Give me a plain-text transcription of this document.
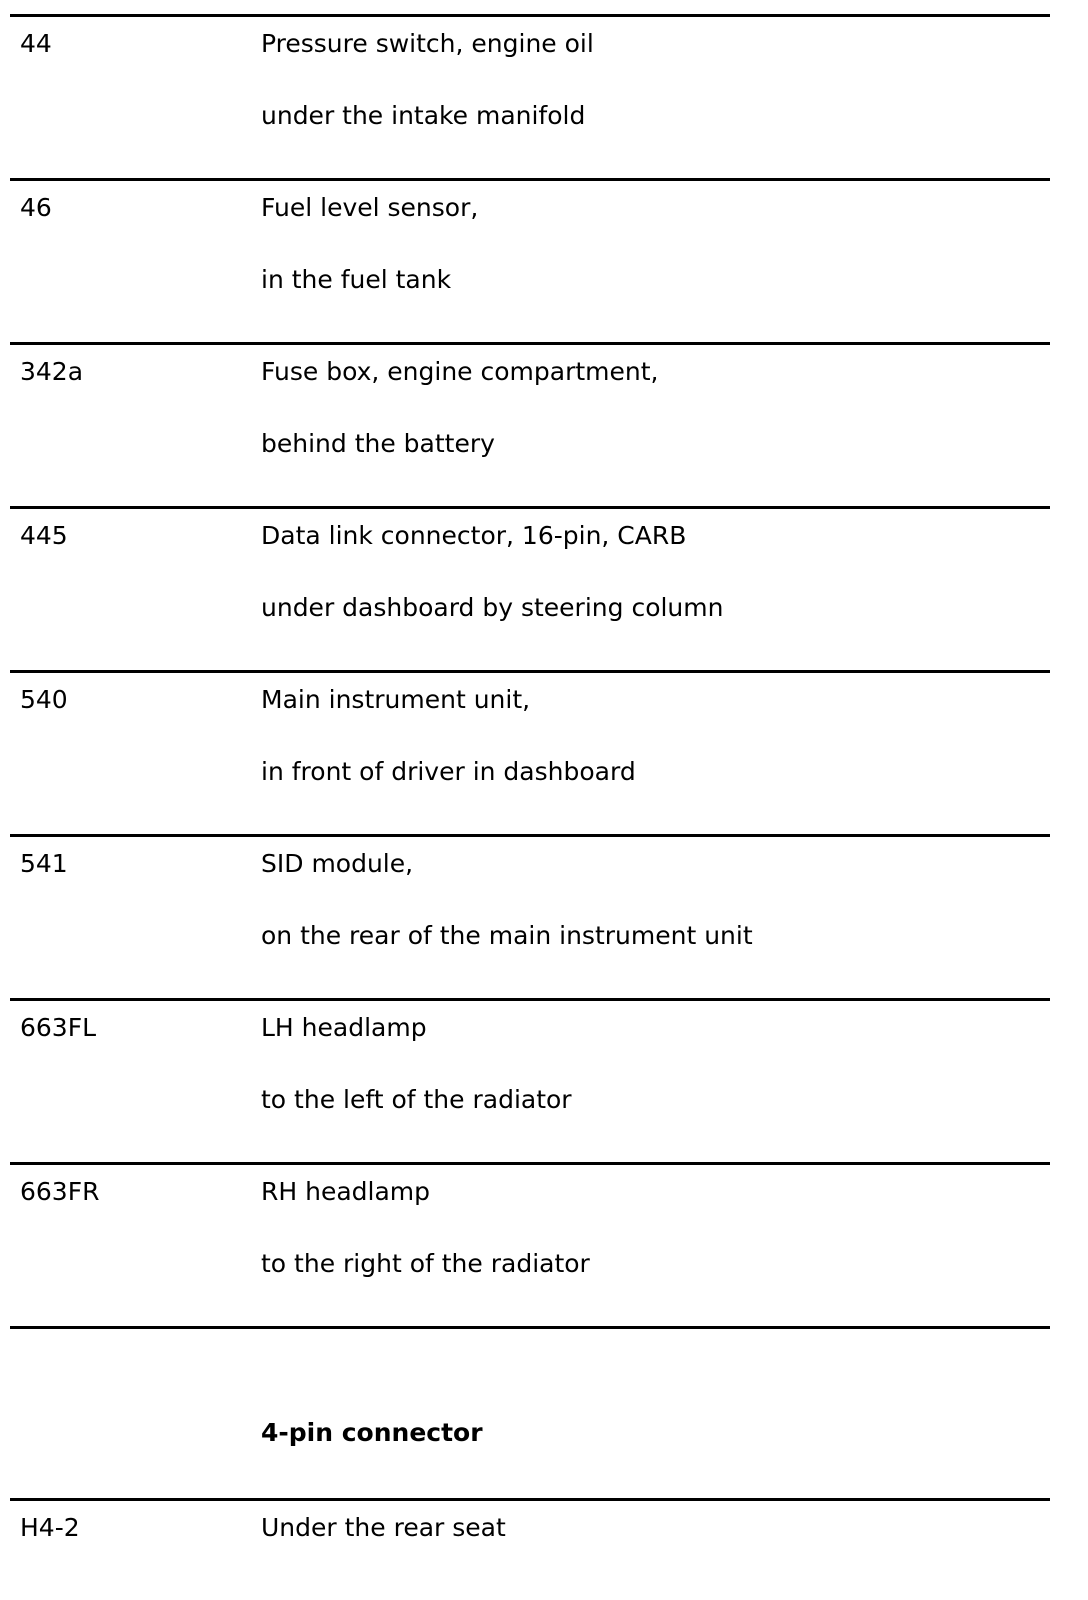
44	Pressure switch, engine oil
under the intake manifold
46	Fuel level sensor,
in the fuel tank
342a	Fuse box, engine compartment,
behind the battery
445	Data link connector, 16-pin, CARB
under dashboard by steering column
540	Main instrument unit,
in front of driver in dashboard
541	SID module,
on the rear of the main instrument unit
663FL	LH headlamp
to the left of the radiator
663FR	RH headlamp
to the right of the radiator
4-pin connector
H4-2	Under the rear seat
